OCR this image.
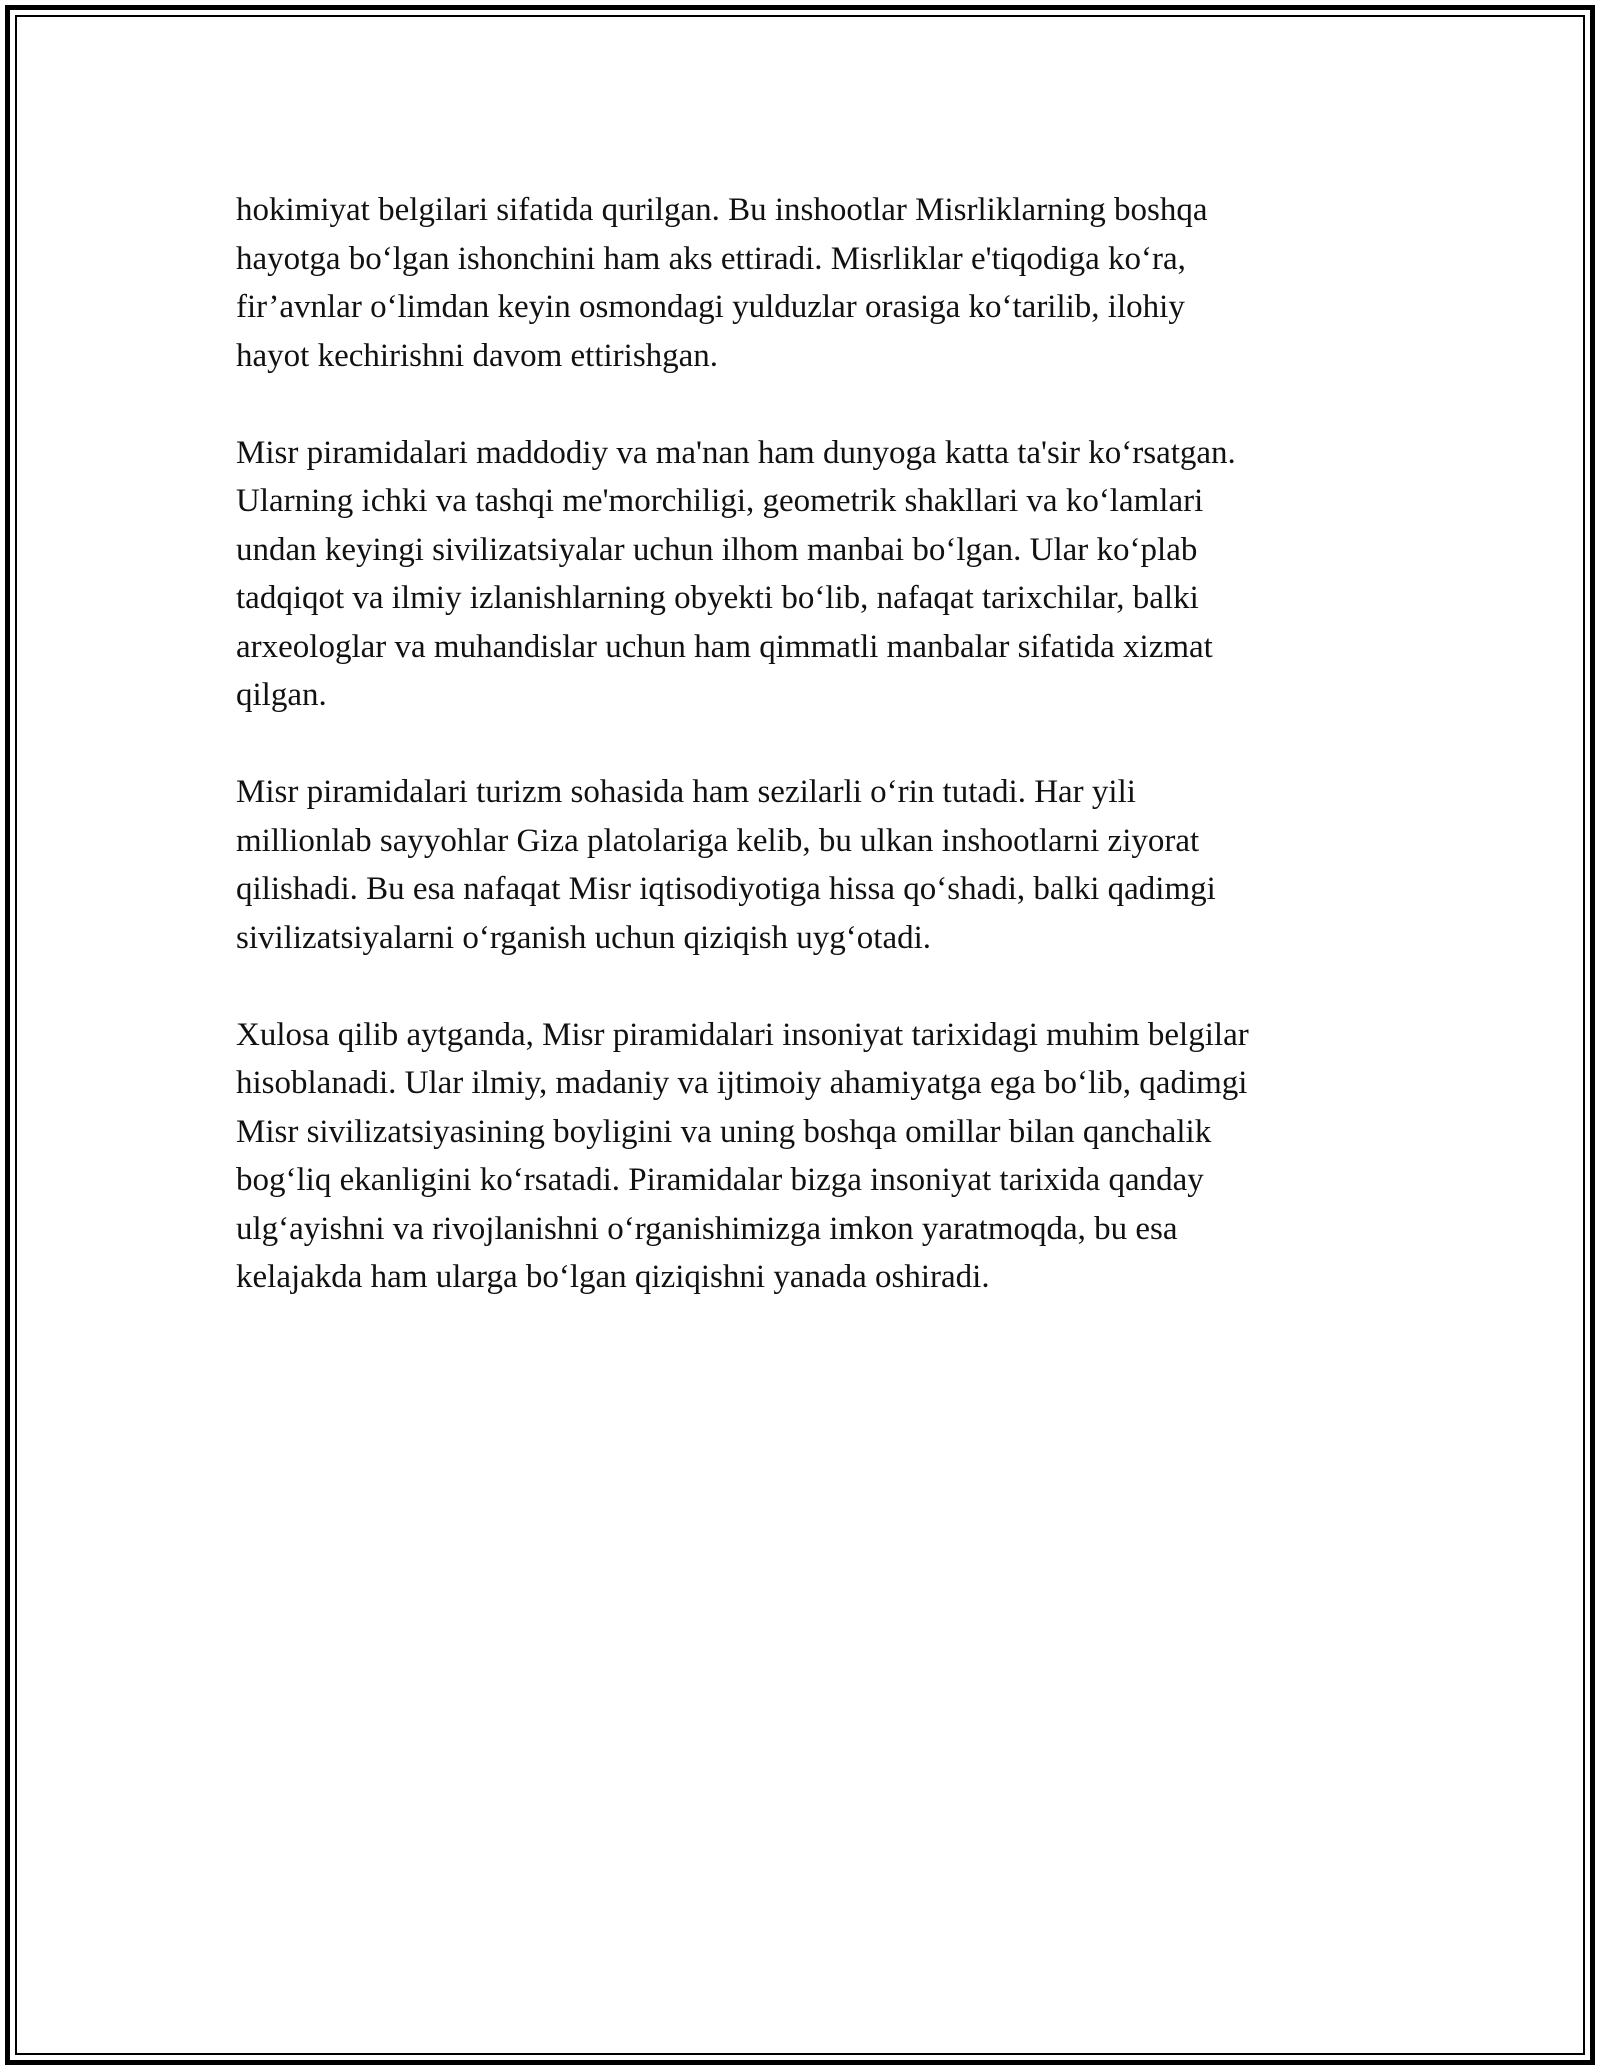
hokimiyat belgilari sifatida qurilgan. Bu inshootlar Misrliklarning boshqa
hayotga bo‘lgan ishonchini ham aks ettiradi. Misrliklar e'tiqodiga ko‘ra,
fir’avnlar o‘limdan keyin osmondagi yulduzlar orasiga ko‘tarilib, ilohiy
hayot kechirishni davom ettirishgan.

Misr piramidalari maddodiy va ma'nan ham dunyoga katta ta'sir ko‘rsatgan.
Ularning ichki va tashqi me'morchiligi, geometrik shakllari va ko‘lamlari
undan keyingi sivilizatsiyalar uchun ilhom manbai bo‘lgan. Ular ko‘plab
tadqiqot va ilmiy izlanishlarning obyekti bo‘lib, nafaqat tarixchilar, balki
arxeologlar va muhandislar uchun ham qimmatli manbalar sifatida xizmat
qilgan.

Misr piramidalari turizm sohasida ham sezilarli o‘rin tutadi. Har yili
millionlab sayyohlar Giza platolariga kelib, bu ulkan inshootlarni ziyorat
qilishadi. Bu esa nafaqat Misr iqtisodiyotiga hissa qo‘shadi, balki qadimgi
sivilizatsiyalarni o‘rganish uchun qiziqish uyg‘otadi.

Xulosa qilib aytganda, Misr piramidalari insoniyat tarixidagi muhim belgilar
hisoblanadi. Ular ilmiy, madaniy va ijtimoiy ahamiyatga ega bo‘lib, qadimgi
Misr sivilizatsiyasining boyligini va uning boshqa omillar bilan qanchalik
bog‘liq ekanligini ko‘rsatadi. Piramidalar bizga insoniyat tarixida qanday
ulg‘ayishni va rivojlanishni o‘rganishimizga imkon yaratmoqda, bu esa
kelajakda ham ularga bo‘lgan qiziqishni yanada oshiradi.
